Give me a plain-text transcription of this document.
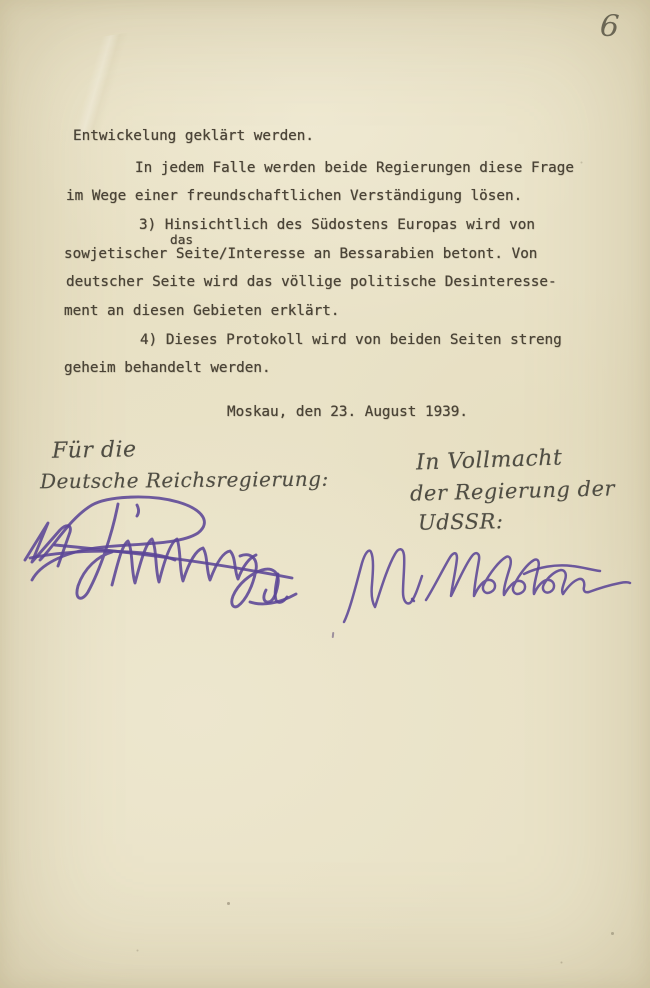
6
Entwickelung geklärt werden.
In jedem Falle werden beide Regierungen diese Frage
im Wege einer freundschaftlichen Verständigung lösen.
3) Hinsichtlich des Südostens Europas wird von
das
sowjetischer Seite/Interesse an Bessarabien betont. Von
deutscher Seite wird das völlige politische Desinteresse-
ment an diesen Gebieten erklärt.
4) Dieses Protokoll wird von beiden Seiten streng
geheim behandelt werden.
Moskau, den 23. August 1939.
Für die
Deutsche Reichsregierung:
In Vollmacht
der Regierung der
UdSSR:
